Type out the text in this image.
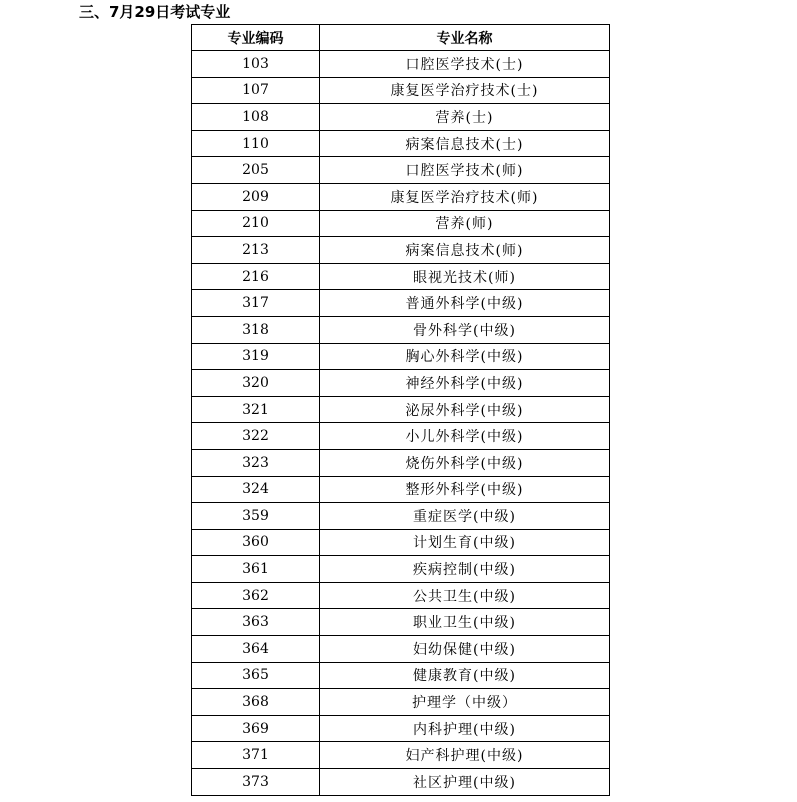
三、7月29日考试专业
专业编码	专业名称
103	口腔医学技术(士)
107	康复医学治疗技术(士)
108	营养(士)
110	病案信息技术(士)
205	口腔医学技术(师)
209	康复医学治疗技术(师)
210	营养(师)
213	病案信息技术(师)
216	眼视光技术(师)
317	普通外科学(中级)
318	骨外科学(中级)
319	胸心外科学(中级)
320	神经外科学(中级)
321	泌尿外科学(中级)
322	小儿外科学(中级)
323	烧伤外科学(中级)
324	整形外科学(中级)
359	重症医学(中级)
360	计划生育(中级)
361	疾病控制(中级)
362	公共卫生(中级)
363	职业卫生(中级)
364	妇幼保健(中级)
365	健康教育(中级)
368	护理学（中级）
369	内科护理(中级)
371	妇产科护理(中级)
373	社区护理(中级)
